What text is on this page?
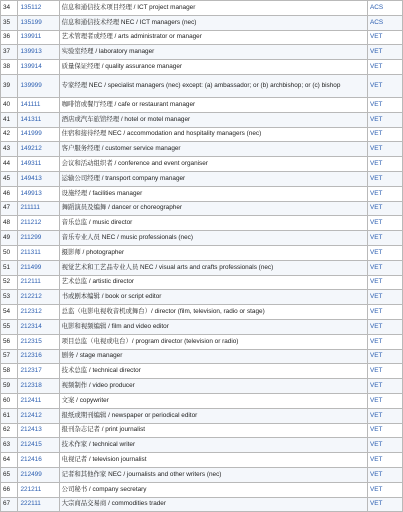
34	135112	信息和通信技术项目经理 / ICT project manager	ACS
35	135199	信息和通信技术经理 NEC / ICT managers (nec)	ACS
36	139911	艺术管理者或经理 / arts administrator or manager	VET
37	139913	实验室经理 / laboratory manager	VET
38	139914	质量保证经理 / quality assurance manager	VET
39	139999	专家经理 NEC / specialist managers (nec) except: (a) ambassador; or (b) archbishop; or (c) bishop	VET
40	141111	咖啡馆或餐厅经理 / cafe or restaurant manager	VET
41	141311	酒店或汽车旅馆经理 / hotel or motel manager	VET
42	141999	住宿和接待经理 NEC / accommodation and hospitality managers (nec)	VET
43	149212	客户服务经理 / customer service manager	VET
44	149311	会议和活动组织者 / conference and event organiser	VET
45	149413	运输公司经理 / transport company manager	VET
46	149913	设施经理 / facilities manager	VET
47	211111	舞蹈演员及编舞 / dancer or choreographer	VET
48	211212	音乐总监 / music director	VET
49	211299	音乐专业人员 NEC / music professionals (nec)	VET
50	211311	摄影师 / photographer	VET
51	211499	视觉艺术和工艺品专业人员 NEC / visual arts and crafts professionals (nec)	VET
52	212111	艺术总监 / artistic director	VET
53	212212	书或剧本编辑 / book or script editor	VET
54	212312	总监（电影电视收音机或舞台）/ director (film, television, radio or stage)	VET
55	212314	电影和视频编辑 / film and video editor	VET
56	212315	项目总监（电视或电台）/ program director (television or radio)	VET
57	212316	剧务 / stage manager	VET
58	212317	技术总监 / technical director	VET
59	212318	视频制作 / video producer	VET
60	212411	文案 / copywriter	VET
61	212412	报纸或期刊编辑 / newspaper or periodical editor	VET
62	212413	报刊杂志记者 / print journalist	VET
63	212415	技术作家 / technical writer	VET
64	212416	电视记者 / television journalist	VET
65	212499	记者和其他作家 NEC / journalists and other writers (nec)	VET
66	221211	公司秘书 / company secretary	VET
67	222111	大宗商品交易商 / commodities trader	VET
